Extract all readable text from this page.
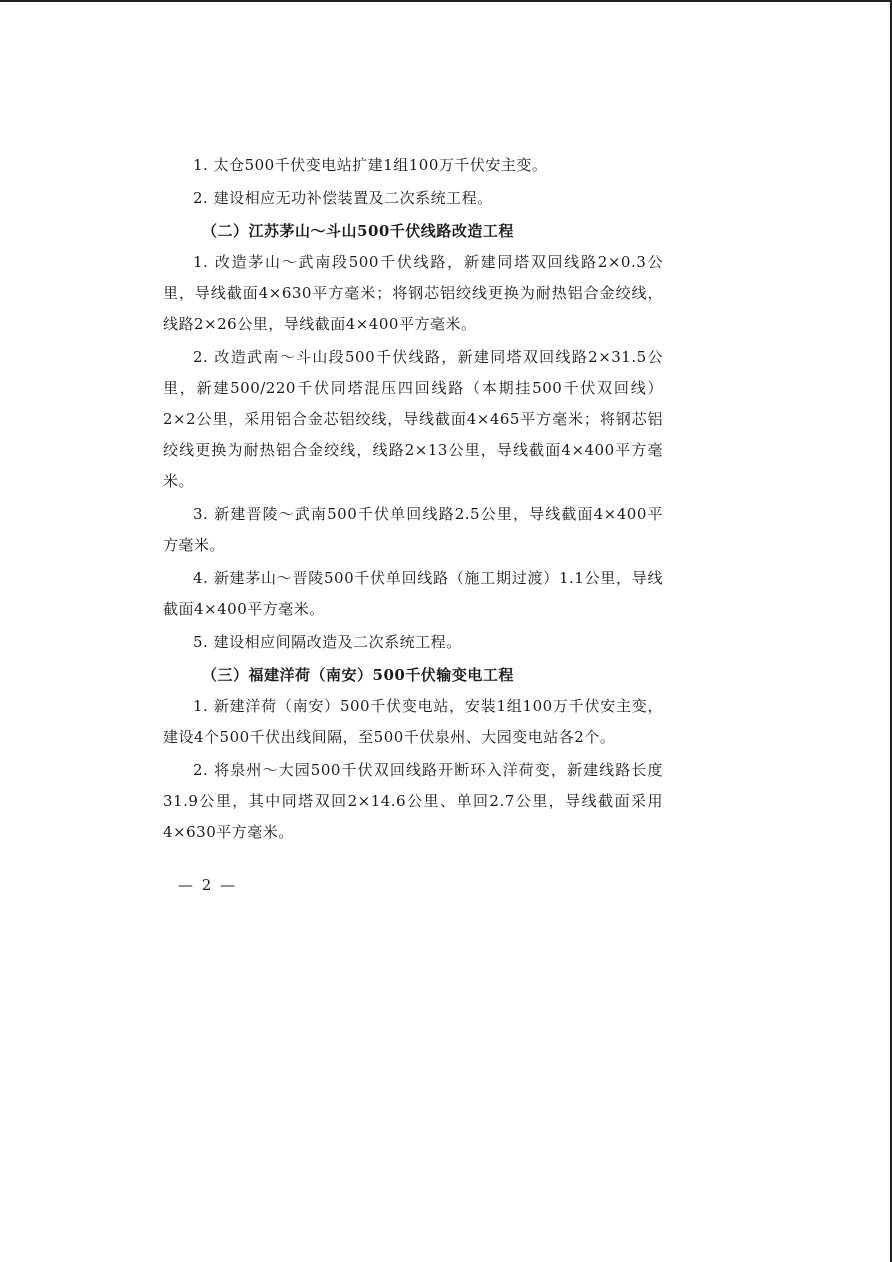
1. 太仓500千伏变电站扩建1组100万千伏安主变。

2. 建设相应无功补偿装置及二次系统工程。

（二）江苏茅山～斗山500千伏线路改造工程

1. 改造茅山～武南段500千伏线路，新建同塔双回线路2×0.3公里，导线截面4×630平方毫米；将钢芯铝绞线更换为耐热铝合金绞线，线路2×26公里，导线截面4×400平方毫米。

2. 改造武南～斗山段500千伏线路，新建同塔双回线路2×31.5公里，新建500/220千伏同塔混压四回线路（本期挂500千伏双回线）2×2公里，采用铝合金芯铝绞线，导线截面4×465平方毫米；将钢芯铝绞线更换为耐热铝合金绞线，线路2×13公里，导线截面4×400平方毫米。

3. 新建晋陵～武南500千伏单回线路2.5公里，导线截面4×400平方毫米。

4. 新建茅山～晋陵500千伏单回线路（施工期过渡）1.1公里，导线截面4×400平方毫米。

5. 建设相应间隔改造及二次系统工程。

（三）福建洋荷（南安）500千伏输变电工程

1. 新建洋荷（南安）500千伏变电站，安装1组100万千伏安主变，建设4个500千伏出线间隔，至500千伏泉州、大园变电站各2个。

2. 将泉州～大园500千伏双回线路开断环入洋荷变，新建线路长度31.9公里，其中同塔双回2×14.6公里、单回2.7公里，导线截面采用4×630平方毫米。

— 2 —
